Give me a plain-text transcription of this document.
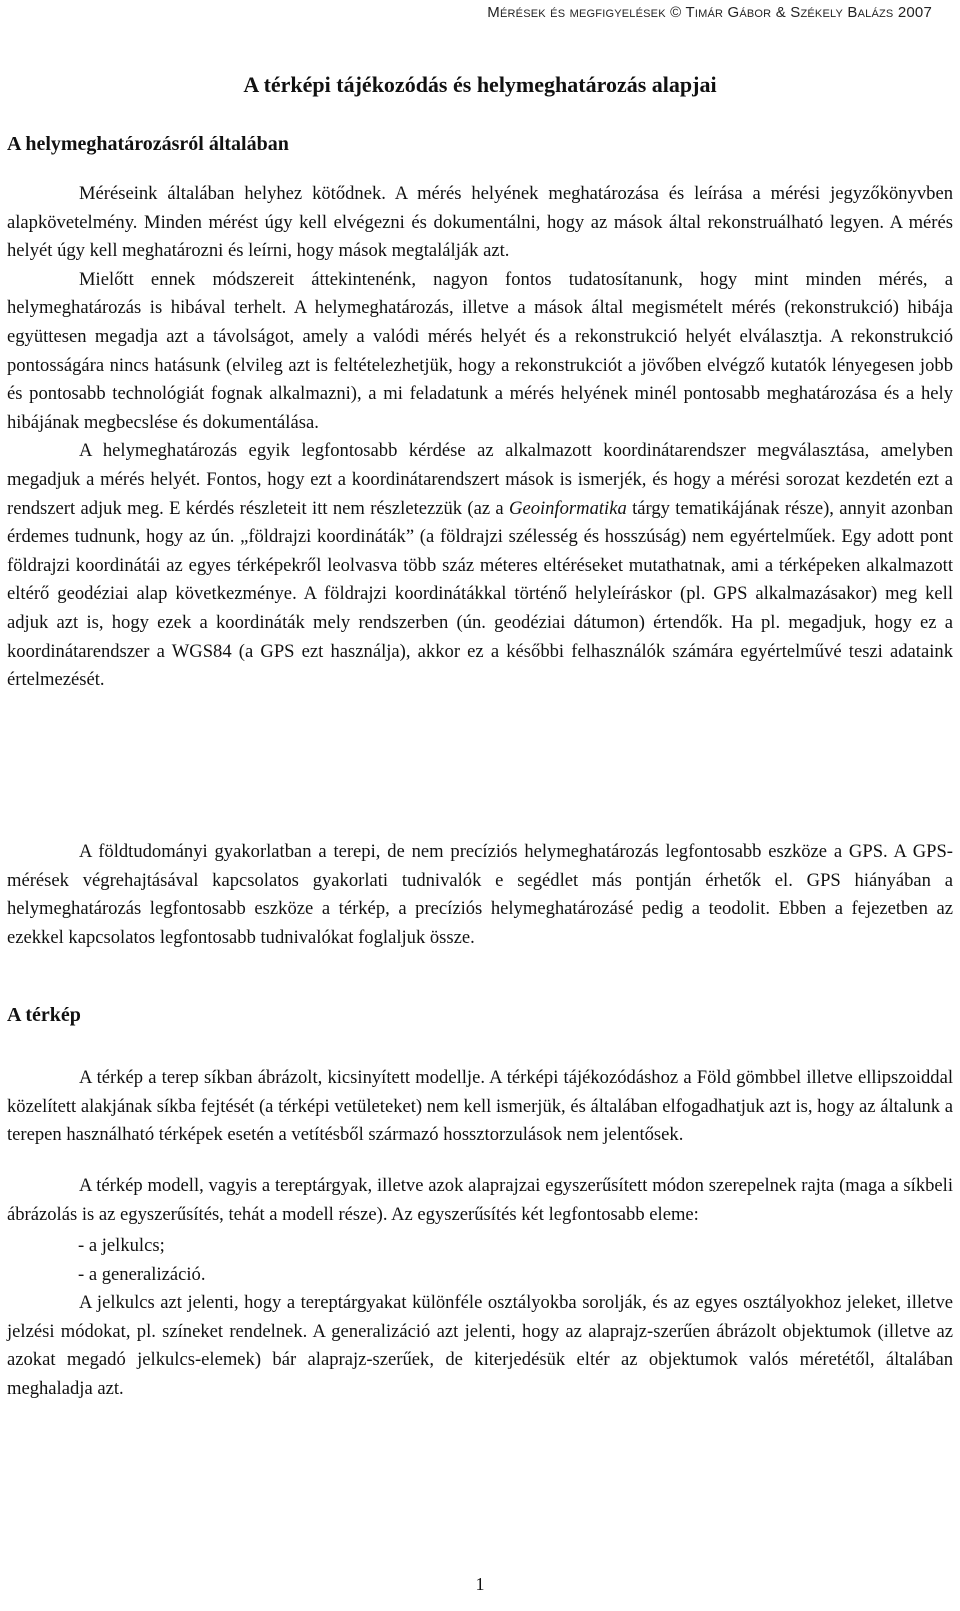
Mérések és megfigyelések © Timár Gábor & Székely Balázs 2007
A térképi tájékozódás és helymeghatározás alapjai
A helymeghatározásról általában

Méréseink általában helyhez kötődnek. A mérés helyének meghatározása és leírása a mérési jegyzőkönyvben alapkövetelmény. Minden mérést úgy kell elvégezni és dokumentálni, hogy az mások által rekonstruálható legyen. A mérés helyét úgy kell meghatározni és leírni, hogy mások megtalálják azt.

Mielőtt ennek módszereit áttekintenénk, nagyon fontos tudatosítanunk, hogy mint minden mérés, a helymeghatározás is hibával terhelt. A helymeghatározás, illetve a mások által megismételt mérés (rekonstrukció) hibája együttesen megadja azt a távolságot, amely a valódi mérés helyét és a rekonstrukció helyét elválasztja. A rekonstrukció pontosságára nincs hatásunk (elvileg azt is feltételezhetjük, hogy a rekonstrukciót a jövőben elvégző kutatók lényegesen jobb és pontosabb technológiát fognak alkalmazni), a mi feladatunk a mérés helyének minél pontosabb meghatározása és a hely hibájának megbecslése és dokumentálása.

A helymeghatározás egyik legfontosabb kérdése az alkalmazott koordinátarendszer megválasztása, amelyben megadjuk a mérés helyét. Fontos, hogy ezt a koordinátarendszert mások is ismerjék, és hogy a mérési sorozat kezdetén ezt a rendszert adjuk meg. E kérdés részleteit itt nem részletezzük (az a Geoinformatika tárgy tematikájának része), annyit azonban érdemes tudnunk, hogy az ún. „földrajzi koordináták” (a földrajzi szélesség és hosszúság) nem egyértelműek. Egy adott pont földrajzi koordinátái az egyes térképekről leolvasva több száz méteres eltéréseket mutathatnak, ami a térképeken alkalmazott eltérő geodéziai alap következménye. A földrajzi koordinátákkal történő helyleíráskor (pl. GPS alkalmazásakor) meg kell adjuk azt is, hogy ezek a koordináták mely rendszerben (ún. geodéziai dátumon) értendők. Ha pl. megadjuk, hogy ez a koordinátarendszer a WGS84 (a GPS ezt használja), akkor ez a későbbi felhasználók számára egyértelművé teszi adataink értelmezését.

A földtudományi gyakorlatban a terepi, de nem precíziós helymeghatározás legfontosabb eszköze a GPS. A GPS-mérések végrehajtásával kapcsolatos gyakorlati tudnivalók e segédlet más pontján érhetők el. GPS hiányában a helymeghatározás legfontosabb eszköze a térkép, a precíziós helymeghatározásé pedig a teodolit. Ebben a fejezetben az ezekkel kapcsolatos legfontosabb tudnivalókat foglaljuk össze.

A térkép

A térkép a terep síkban ábrázolt, kicsinyített modellje. A térképi tájékozódáshoz a Föld gömbbel illetve ellipszoiddal közelített alakjának síkba fejtését (a térképi vetületeket) nem kell ismerjük, és általában elfogadhatjuk azt is, hogy az általunk a terepen használható térképek esetén a vetítésből származó hossztorzulások nem jelentősek.

A térkép modell, vagyis a tereptárgyak, illetve azok alaprajzai egyszerűsített módon szerepelnek rajta (maga a síkbeli ábrázolás is az egyszerűsítés, tehát a modell része). Az egyszerűsítés két legfontosabb eleme:

- a jelkulcs;
- a generalizáció.

A jelkulcs azt jelenti, hogy a tereptárgyakat különféle osztályokba sorolják, és az egyes osztályokhoz jeleket, illetve jelzési módokat, pl. színeket rendelnek. A generalizáció azt jelenti, hogy az alaprajz-szerűen ábrázolt objektumok (illetve az azokat megadó jelkulcs-elemek) bár alaprajz-szerűek, de kiterjedésük eltér az objektumok valós méretétől, általában meghaladja azt.

1
